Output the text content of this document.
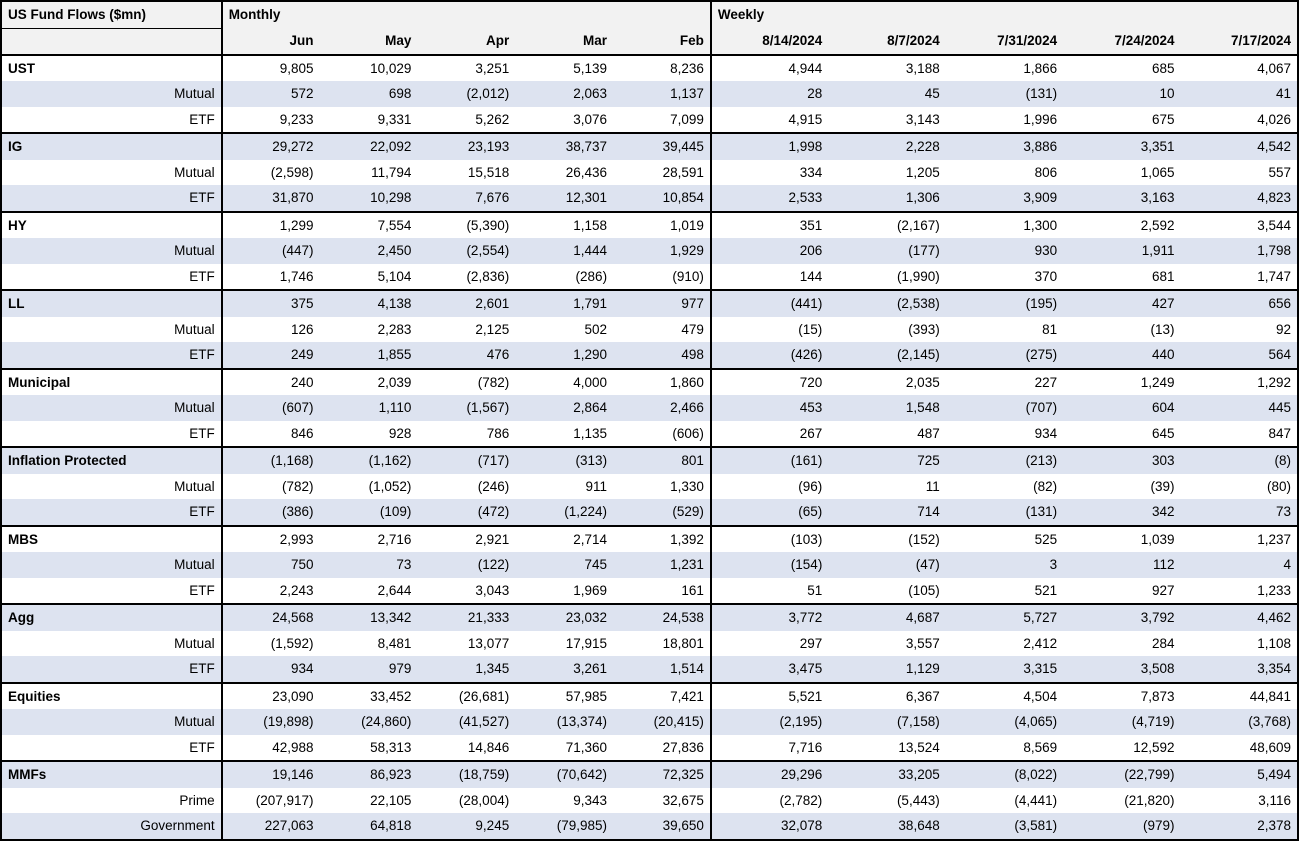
US Fund Flows ($mn)	Monthly					Weekly				
	Jun	May	Apr	Mar	Feb	8/14/2024	8/7/2024	7/31/2024	7/24/2024	7/17/2024
UST	9,805	10,029	3,251	5,139	8,236	4,944	3,188	1,866	685	4,067
Mutual	572	698	(2,012)	2,063	1,137	28	45	(131)	10	41
ETF	9,233	9,331	5,262	3,076	7,099	4,915	3,143	1,996	675	4,026
IG	29,272	22,092	23,193	38,737	39,445	1,998	2,228	3,886	3,351	4,542
Mutual	(2,598)	11,794	15,518	26,436	28,591	334	1,205	806	1,065	557
ETF	31,870	10,298	7,676	12,301	10,854	2,533	1,306	3,909	3,163	4,823
HY	1,299	7,554	(5,390)	1,158	1,019	351	(2,167)	1,300	2,592	3,544
Mutual	(447)	2,450	(2,554)	1,444	1,929	206	(177)	930	1,911	1,798
ETF	1,746	5,104	(2,836)	(286)	(910)	144	(1,990)	370	681	1,747
LL	375	4,138	2,601	1,791	977	(441)	(2,538)	(195)	427	656
Mutual	126	2,283	2,125	502	479	(15)	(393)	81	(13)	92
ETF	249	1,855	476	1,290	498	(426)	(2,145)	(275)	440	564
Municipal	240	2,039	(782)	4,000	1,860	720	2,035	227	1,249	1,292
Mutual	(607)	1,110	(1,567)	2,864	2,466	453	1,548	(707)	604	445
ETF	846	928	786	1,135	(606)	267	487	934	645	847
Inflation Protected	(1,168)	(1,162)	(717)	(313)	801	(161)	725	(213)	303	(8)
Mutual	(782)	(1,052)	(246)	911	1,330	(96)	11	(82)	(39)	(80)
ETF	(386)	(109)	(472)	(1,224)	(529)	(65)	714	(131)	342	73
MBS	2,993	2,716	2,921	2,714	1,392	(103)	(152)	525	1,039	1,237
Mutual	750	73	(122)	745	1,231	(154)	(47)	3	112	4
ETF	2,243	2,644	3,043	1,969	161	51	(105)	521	927	1,233
Agg	24,568	13,342	21,333	23,032	24,538	3,772	4,687	5,727	3,792	4,462
Mutual	(1,592)	8,481	13,077	17,915	18,801	297	3,557	2,412	284	1,108
ETF	934	979	1,345	3,261	1,514	3,475	1,129	3,315	3,508	3,354
Equities	23,090	33,452	(26,681)	57,985	7,421	5,521	6,367	4,504	7,873	44,841
Mutual	(19,898)	(24,860)	(41,527)	(13,374)	(20,415)	(2,195)	(7,158)	(4,065)	(4,719)	(3,768)
ETF	42,988	58,313	14,846	71,360	27,836	7,716	13,524	8,569	12,592	48,609
MMFs	19,146	86,923	(18,759)	(70,642)	72,325	29,296	33,205	(8,022)	(22,799)	5,494
Prime	(207,917)	22,105	(28,004)	9,343	32,675	(2,782)	(5,443)	(4,441)	(21,820)	3,116
Government	227,063	64,818	9,245	(79,985)	39,650	32,078	38,648	(3,581)	(979)	2,378
